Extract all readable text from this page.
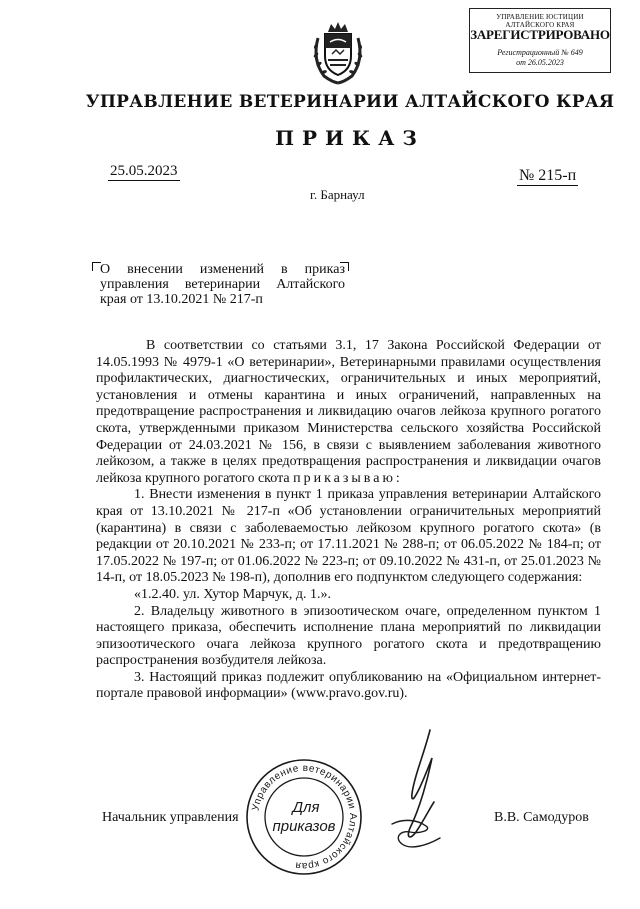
УПРАВЛЕНИЕ ЮСТИЦИИ
АЛТАЙСКОГО КРАЯ
ЗАРЕГИСТРИРОВАНО
Регистрационный № 649
от 26.05.2023
УПРАВЛЕНИЕ ВЕТЕРИНАРИИ АЛТАЙСКОГО КРАЯ
ПРИКАЗ
25.05.2023	№ 215-п
г. Барнаул
О внесении изменений в приказ управления ветеринарии Алтайского края от 13.10.2021 № 217-п

В соответствии со статьями 3.1, 17 Закона Российской Федерации от 14.05.1993 № 4979-1 «О ветеринарии», Ветеринарными правилами осуществления профилактических, диагностических, ограничительных и иных мероприятий, установления и отмены карантина и иных ограничений, направленных на предотвращение распространения и ликвидацию очагов лейкоза крупного рогатого скота, утвержденными приказом Министерства сельского хозяйства Российской Федерации от 24.03.2021 № 156, в связи с выявлением заболевания животного лейкозом, а также в целях предотвращения распространения и ликвидации очагов лейкоза крупного рогатого скота приказываю:

1. Внести изменения в пункт 1 приказа управления ветеринарии Алтайского края от 13.10.2021 № 217-п «Об установлении ограничительных мероприятий (карантина) в связи с заболеваемостью лейкозом крупного рогатого скота» (в редакции от 20.10.2021 № 233-п; от 17.11.2021 № 288-п; от 06.05.2022 № 184-п; от 17.05.2022 № 197-п; от 01.06.2022 № 223-п; от 09.10.2022 № 431-п, от 25.01.2023 № 14-п, от 18.05.2023 № 198-п), дополнив его подпунктом следующего содержания:

«1.2.40. ул. Хутор Марчук, д. 1.».

2. Владельцу животного в эпизоотическом очаге, определенном пунктом 1 настоящего приказа, обеспечить исполнение плана мероприятий по ликвидации эпизоотического очага лейкоза крупного рогатого скота и предотвращению распространения возбудителя лейкоза.

3. Настоящий приказ подлежит опубликованию на «Официальном интернет-портале правовой информации» (www.pravo.gov.ru).

Начальник управления	В.В. Самодуров
Управление ветеринарии Алтайского края
Для
приказов
